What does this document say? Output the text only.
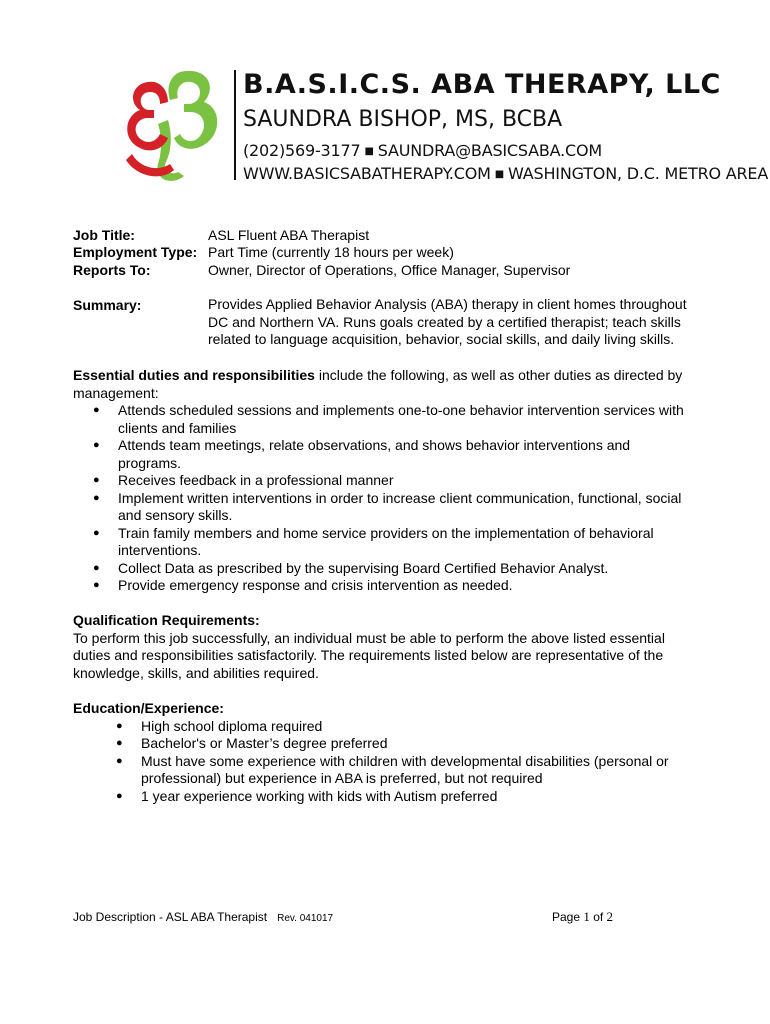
B.A.S.I.C.S. ABA THERAPY, LLC
SAUNDRA BISHOP, MS, BCBA
(202)569-3177 ■ SAUNDRA@BASICSABA.COM
WWW.BASICSABATHERAPY.COM ■ WASHINGTON, D.C. METRO AREA
Job Title:	ASL Fluent ABA Therapist
Employment Type: Part Time (currently 18 hours per week)
Reports To:	Owner, Director of Operations, Office Manager, Supervisor
Summary:	Provides Applied Behavior Analysis (ABA) therapy in client homes throughout DC and Northern VA. Runs goals created by a certified therapist; teach skills related to language acquisition, behavior, social skills, and daily living skills.
Essential duties and responsibilities include the following, as well as other duties as directed by management:
● Attends scheduled sessions and implements one-to-one behavior intervention services with clients and families
● Attends team meetings, relate observations, and shows behavior interventions and programs.
● Receives feedback in a professional manner
● Implement written interventions in order to increase client communication, functional, social and sensory skills.
● Train family members and home service providers on the implementation of behavioral interventions.
● Collect Data as prescribed by the supervising Board Certified Behavior Analyst.
● Provide emergency response and crisis intervention as needed.
Qualification Requirements:
To perform this job successfully, an individual must be able to perform the above listed essential duties and responsibilities satisfactorily. The requirements listed below are representative of the knowledge, skills, and abilities required.
Education/Experience:
● High school diploma required
● Bachelor's or Master’s degree preferred
● Must have some experience with children with developmental disabilities (personal or professional) but experience in ABA is preferred, but not required
● 1 year experience working with kids with Autism preferred
Job Description - ASL ABA Therapist Rev. 041017	Page 1 of 2
